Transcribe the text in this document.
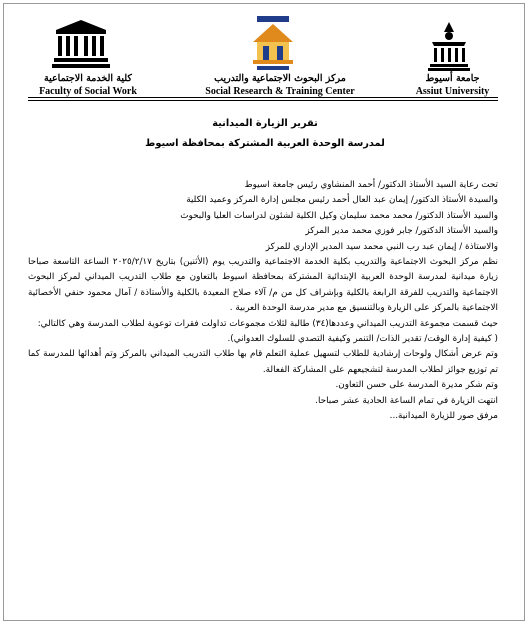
كلية الخدمة الاجتماعية
Faculty of Social Work
مركز البحوث الاجتماعية والتدريب
Social Research & Training Center
جامعة أسيوط
Assiut University
تقرير الزيارة الميدانية
لمدرسة الوحدة العربية المشتركة بمحافظة اسيوط
تحت رعاية السيد الأستاذ الدكتور/ أحمد المنشاوي رئيس جامعة اسيوط
والسيدة الأستاذ الدكتور/ إيمان عبد العال أحمد رئيس مجلس إدارة المركز وعميد الكلية
والسيد الأستاذ الدكتور/ محمد محمد سليمان وكيل الكلية لشئون لدراسات العليا والبحوث
والسيد الأستاذ الدكتور/ جابر فوزي محمد مدير المركز
والاستاذة / إيمان عبد رب النبي محمد سيد المدير الإداري للمركز
نظم مركز البحوث الاجتماعية والتدريب بكلية الخدمة الاجتماعية والتدريب يوم (الأثنين) بتاريخ ٢٠٢٥/٢/١٧ الساعة التاسعة صباحا زيارة ميدانية لمدرسة الوحدة العربية الإبتدائية المشتركة بمحافظة اسيوط بالتعاون مع طلاب التدريب الميداني لمركز البحوث الاجتماعية والتدريب للفرقة الرابعة بالكلية وبإشراف كل من م/ آلاء صلاح المعيدة بالكلية والأستاذة / آمال محمود حنفي الأخصائية الاجتماعية بالمركز على الزيارة وبالتنسيق مع مدير مدرسة الوحدة العربية .
حيث قسمت مجموعة التدريب الميداني وعددها(٣٤) طالبة لثلاث مجموعات تداولت فقرات توعوية لطلاب المدرسة وهي كالتالي:
( كيفية إدارة الوقت/ تقدير الذات/ التنمر وكيفية التصدي للسلوك العدواني).
وتم عرض أشكال ولوحات إرشادية للطلاب لتسهيل عملية التعلم قام بها طلاب التدريب الميداني بالمركز وتم أهدائها للمدرسة كما تم توزيع جوائز لطلاب المدرسة لتشجيعهم على المشاركة الفعالة.
وتم شكر مديرة المدرسة على حسن التعاون.
انتهت الزيارة في تمام الساعة الحادية عشر صباحا.
مرفق صور للزيارة الميدانية...
